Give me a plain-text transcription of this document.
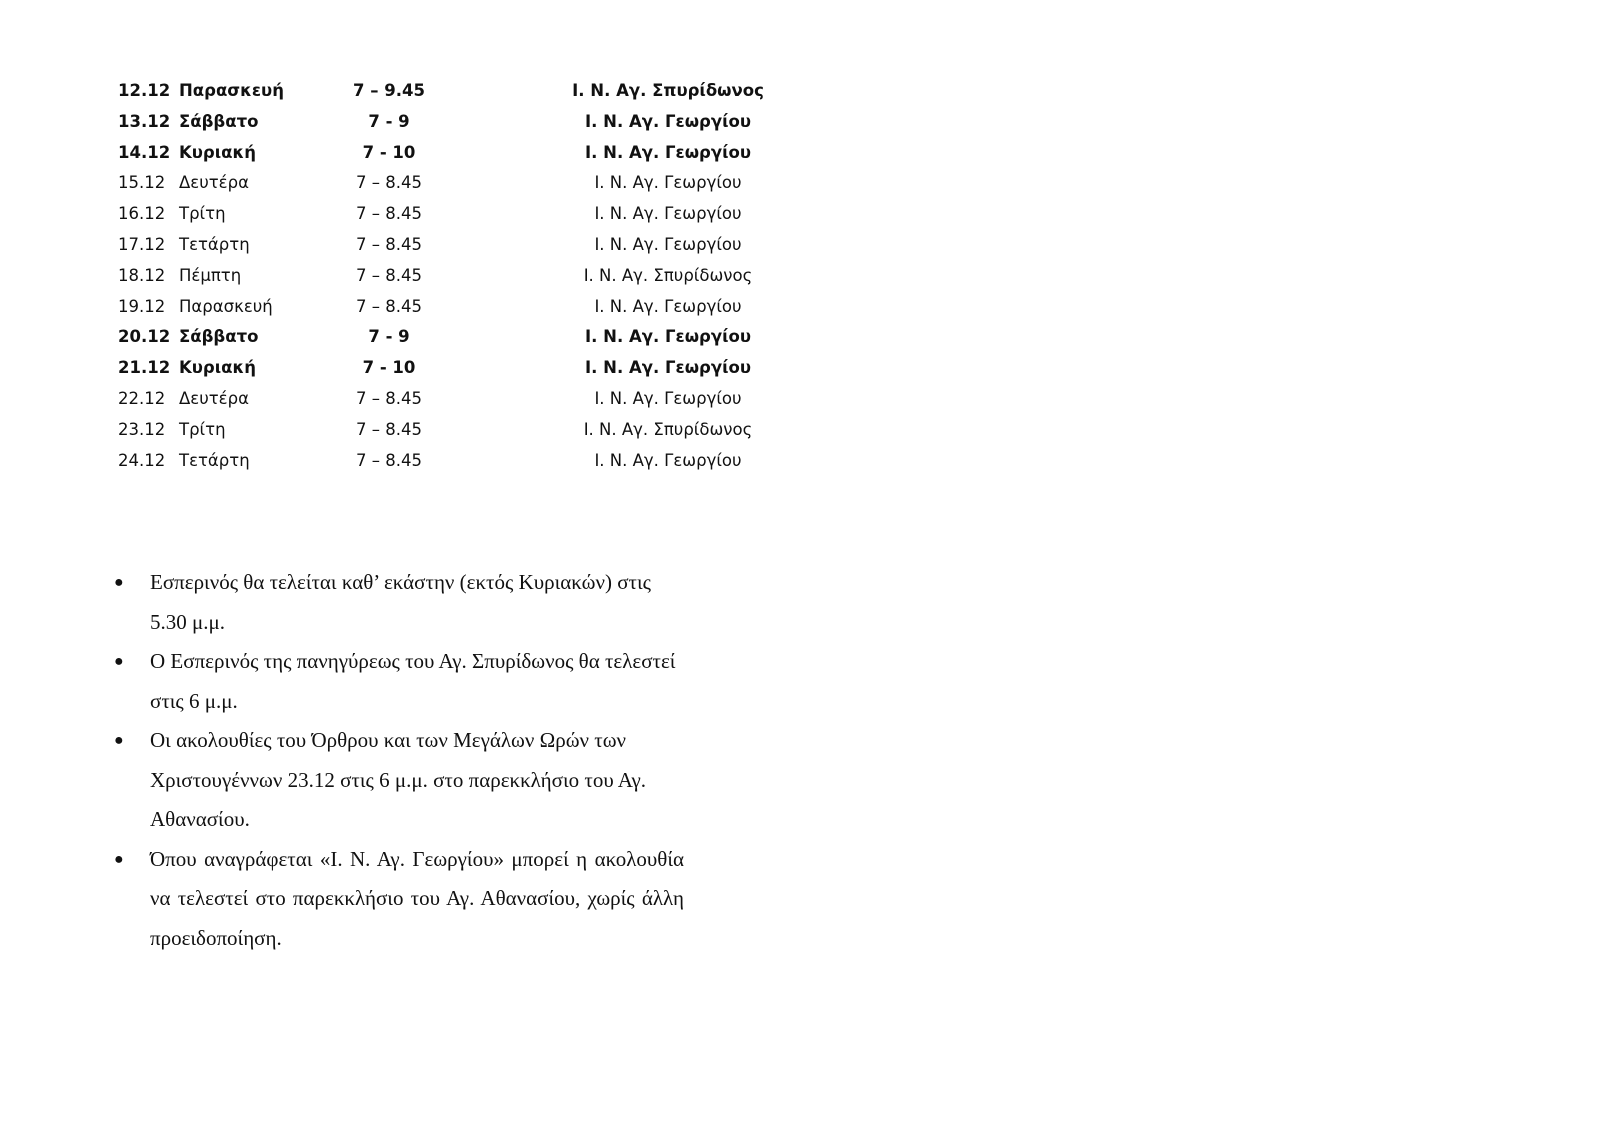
12.12 Παρασκευή	7 – 9.45	Ι. Ν. Αγ. Σπυρίδωνος
13.12 Σάββατο	7 - 9	Ι. Ν. Αγ. Γεωργίου
14.12 Κυριακή	7 - 10	Ι. Ν. Αγ. Γεωργίου
15.12 Δευτέρα	7 – 8.45	Ι. Ν. Αγ. Γεωργίου
16.12 Τρίτη	7 – 8.45	Ι. Ν. Αγ. Γεωργίου
17.12 Τετάρτη	7 – 8.45	Ι. Ν. Αγ. Γεωργίου
18.12 Πέμπτη	7 – 8.45	Ι. Ν. Αγ. Σπυρίδωνος
19.12 Παρασκευή	7 – 8.45	Ι. Ν. Αγ. Γεωργίου
20.12 Σάββατο	7 - 9	Ι. Ν. Αγ. Γεωργίου
21.12 Κυριακή	7 - 10	Ι. Ν. Αγ. Γεωργίου
22.12 Δευτέρα	7 – 8.45	Ι. Ν. Αγ. Γεωργίου
23.12 Τρίτη	7 – 8.45	Ι. Ν. Αγ. Σπυρίδωνος
24.12 Τετάρτη	7 – 8.45	Ι. Ν. Αγ. Γεωργίου
● Εσπερινός θα τελείται καθ’ εκάστην (εκτός Κυριακών) στις 5.30 μ.μ.
● Ο Εσπερινός της πανηγύρεως του Αγ. Σπυρίδωνος θα τελεστεί στις 6 μ.μ.
● Οι ακολουθίες του Όρθρου και των Μεγάλων Ωρών των Χριστουγέννων 23.12 στις 6 μ.μ. στο παρεκκλήσιο του Αγ. Αθανασίου.
● Όπου αναγράφεται «Ι. Ν. Αγ. Γεωργίου» μπορεί η ακολουθία να τελεστεί στο παρεκκλήσιο του Αγ. Αθανασίου, χωρίς άλλη προειδοποίηση.
